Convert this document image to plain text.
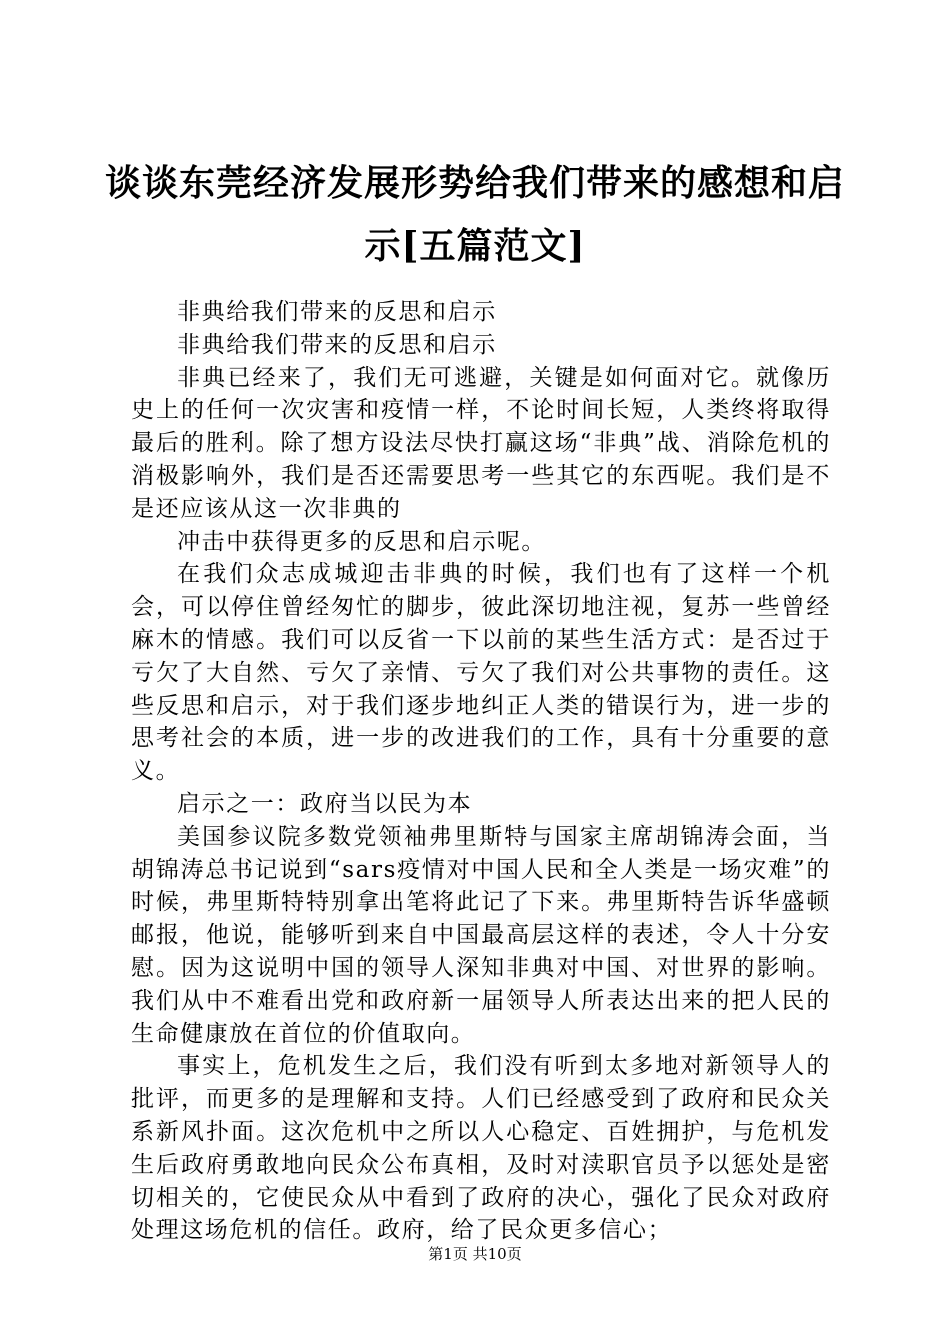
谈谈东莞经济发展形势给我们带来的感想和启示[五篇范文]

非典给我们带来的反思和启示

非典给我们带来的反思和启示

非典已经来了，我们无可逃避，关键是如何面对它。就像历史上的任何一次灾害和疫情一样，不论时间长短，人类终将取得最后的胜利。除了想方设法尽快打赢这场“非典”战、消除危机的消极影响外，我们是否还需要思考一些其它的东西呢。我们是不是还应该从这一次非典的

冲击中获得更多的反思和启示呢。

在我们众志成城迎击非典的时候，我们也有了这样一个机会，可以停住曾经匆忙的脚步，彼此深切地注视，复苏一些曾经麻木的情感。我们可以反省一下以前的某些生活方式：是否过于亏欠了大自然、亏欠了亲情、亏欠了我们对公共事物的责任。这些反思和启示，对于我们逐步地纠正人类的错误行为，进一步的思考社会的本质，进一步的改进我们的工作，具有十分重要的意义。

启示之一：政府当以民为本

美国参议院多数党领袖弗里斯特与国家主席胡锦涛会面，当胡锦涛总书记说到“sars疫情对中国人民和全人类是一场灾难”的时候，弗里斯特特别拿出笔将此记了下来。弗里斯特告诉华盛顿邮报，他说，能够听到来自中国最高层这样的表述，令人十分安慰。因为这说明中国的领导人深知非典对中国、对世界的影响。我们从中不难看出党和政府新一届领导人所表达出来的把人民的生命健康放在首位的价值取向。

事实上，危机发生之后，我们没有听到太多地对新领导人的批评，而更多的是理解和支持。人们已经感受到了政府和民众关系新风扑面。这次危机中之所以人心稳定、百姓拥护，与危机发生后政府勇敢地向民众公布真相，及时对渎职官员予以惩处是密切相关的，它使民众从中看到了政府的决心，强化了民众对政府处理这场危机的信任。政府，给了民众更多信心；

第1页 共10页
